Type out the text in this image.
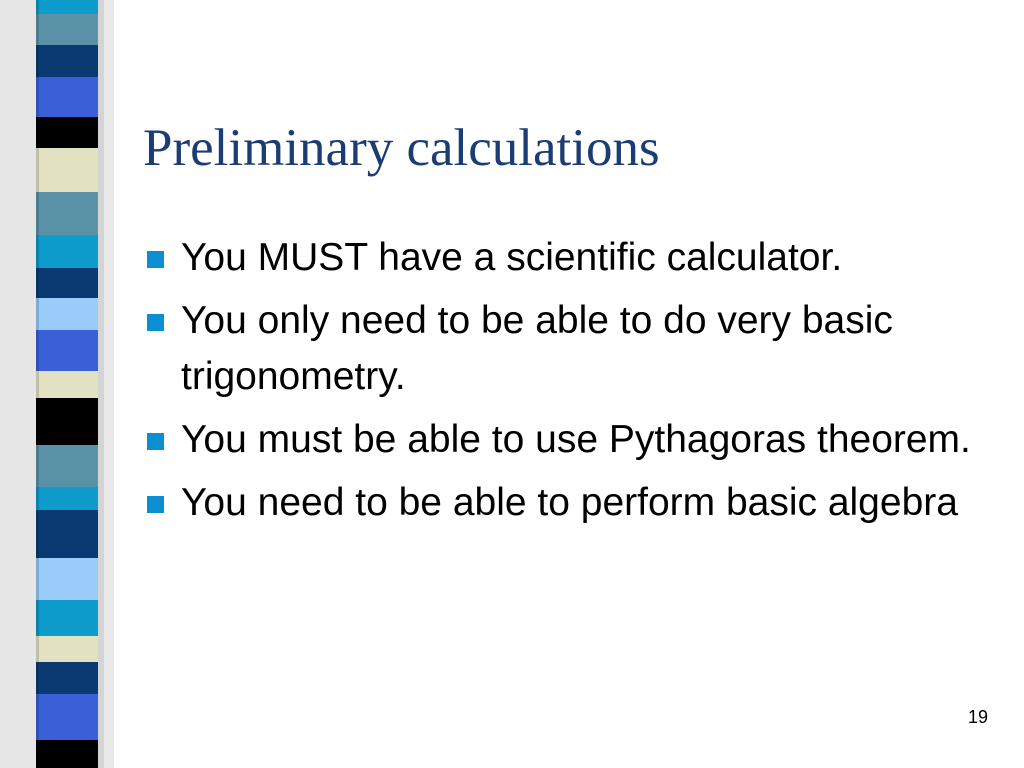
Preliminary calculations
You MUST have a scientific calculator.
You only need to be able to do very basic trigonometry.
You must be able to use Pythagoras theorem.
You need to be able to perform basic algebra
19
